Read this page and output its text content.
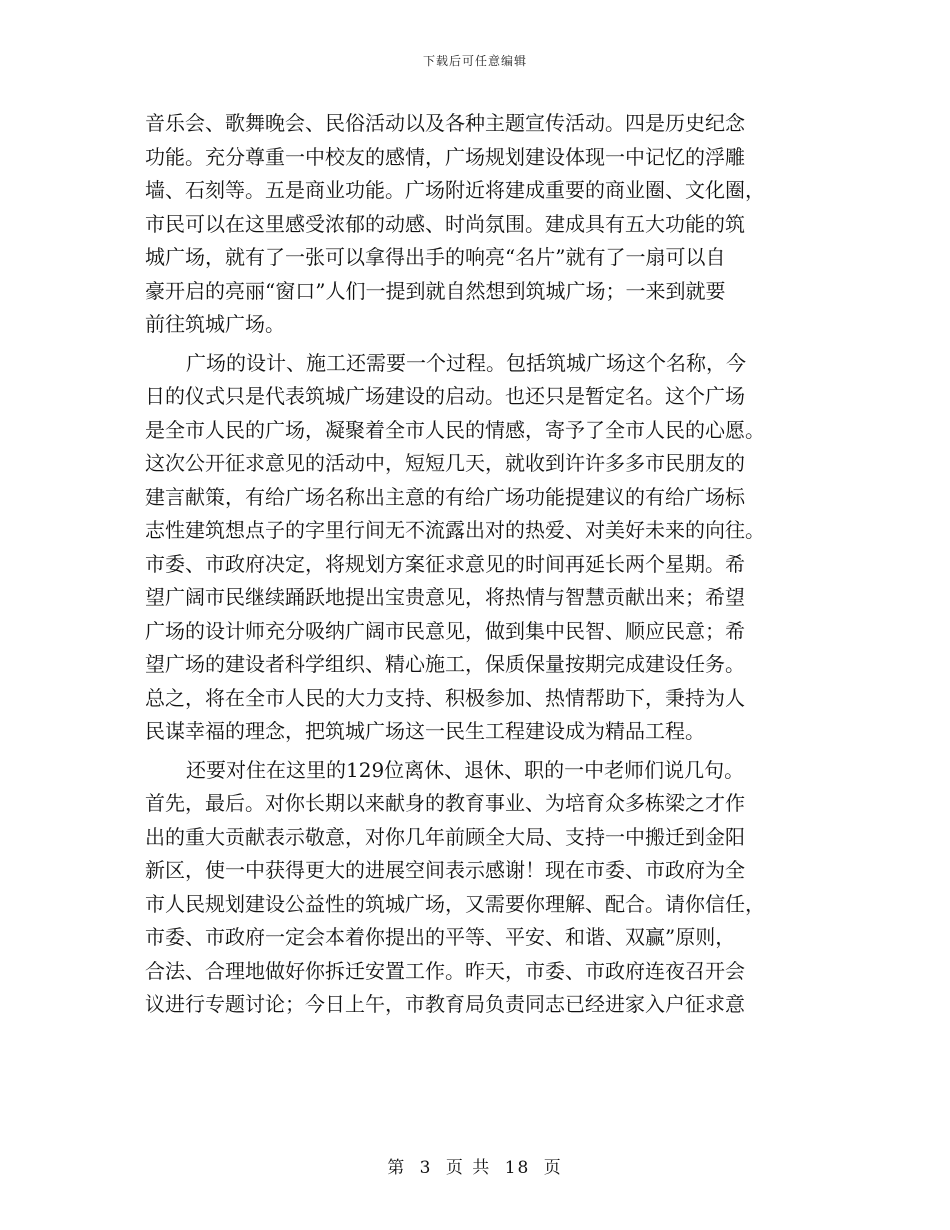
下载后可任意编辑
音乐会、歌舞晚会、民俗活动以及各种主题宣传活动。四是历史纪念
功能。充分尊重一中校友的感情，广场规划建设体现一中记忆的浮雕
墙、石刻等。五是商业功能。广场附近将建成重要的商业圈、文化圈，
市民可以在这里感受浓郁的动感、时尚氛围。建成具有五大功能的筑
城广场，就有了一张可以拿得出手的响亮“名片”就有了一扇可以自
豪开启的亮丽“窗口”人们一提到就自然想到筑城广场；一来到就要
前往筑城广场。
广场的设计、施工还需要一个过程。包括筑城广场这个名称，今
日的仪式只是代表筑城广场建设的启动。也还只是暂定名。这个广场
是全市人民的广场，凝聚着全市人民的情感，寄予了全市人民的心愿。
这次公开征求意见的活动中，短短几天，就收到许许多多市民朋友的
建言献策，有给广场名称出主意的有给广场功能提建议的有给广场标
志性建筑想点子的字里行间无不流露出对的热爱、对美好未来的向往。
市委、市政府决定，将规划方案征求意见的时间再延长两个星期。希
望广阔市民继续踊跃地提出宝贵意见，将热情与智慧贡献出来；希望
广场的设计师充分吸纳广阔市民意见，做到集中民智、顺应民意；希
望广场的建设者科学组织、精心施工，保质保量按期完成建设任务。
总之，将在全市人民的大力支持、积极参加、热情帮助下，秉持为人
民谋幸福的理念，把筑城广场这一民生工程建设成为精品工程。
还要对住在这里的129位离休、退休、职的一中老师们说几句。
首先，最后。对你长期以来献身的教育事业、为培育众多栋梁之才作
出的重大贡献表示敬意，对你几年前顾全大局、支持一中搬迁到金阳
新区，使一中获得更大的进展空间表示感谢！现在市委、市政府为全
市人民规划建设公益性的筑城广场，又需要你理解、配合。请你信任，
市委、市政府一定会本着你提出的平等、平安、和谐、双赢”原则，
合法、合理地做好你拆迁安置工作。昨天，市委、市政府连夜召开会
议进行专题讨论；今日上午，市教育局负责同志已经进家入户征求意
第 3 页 共 18 页
